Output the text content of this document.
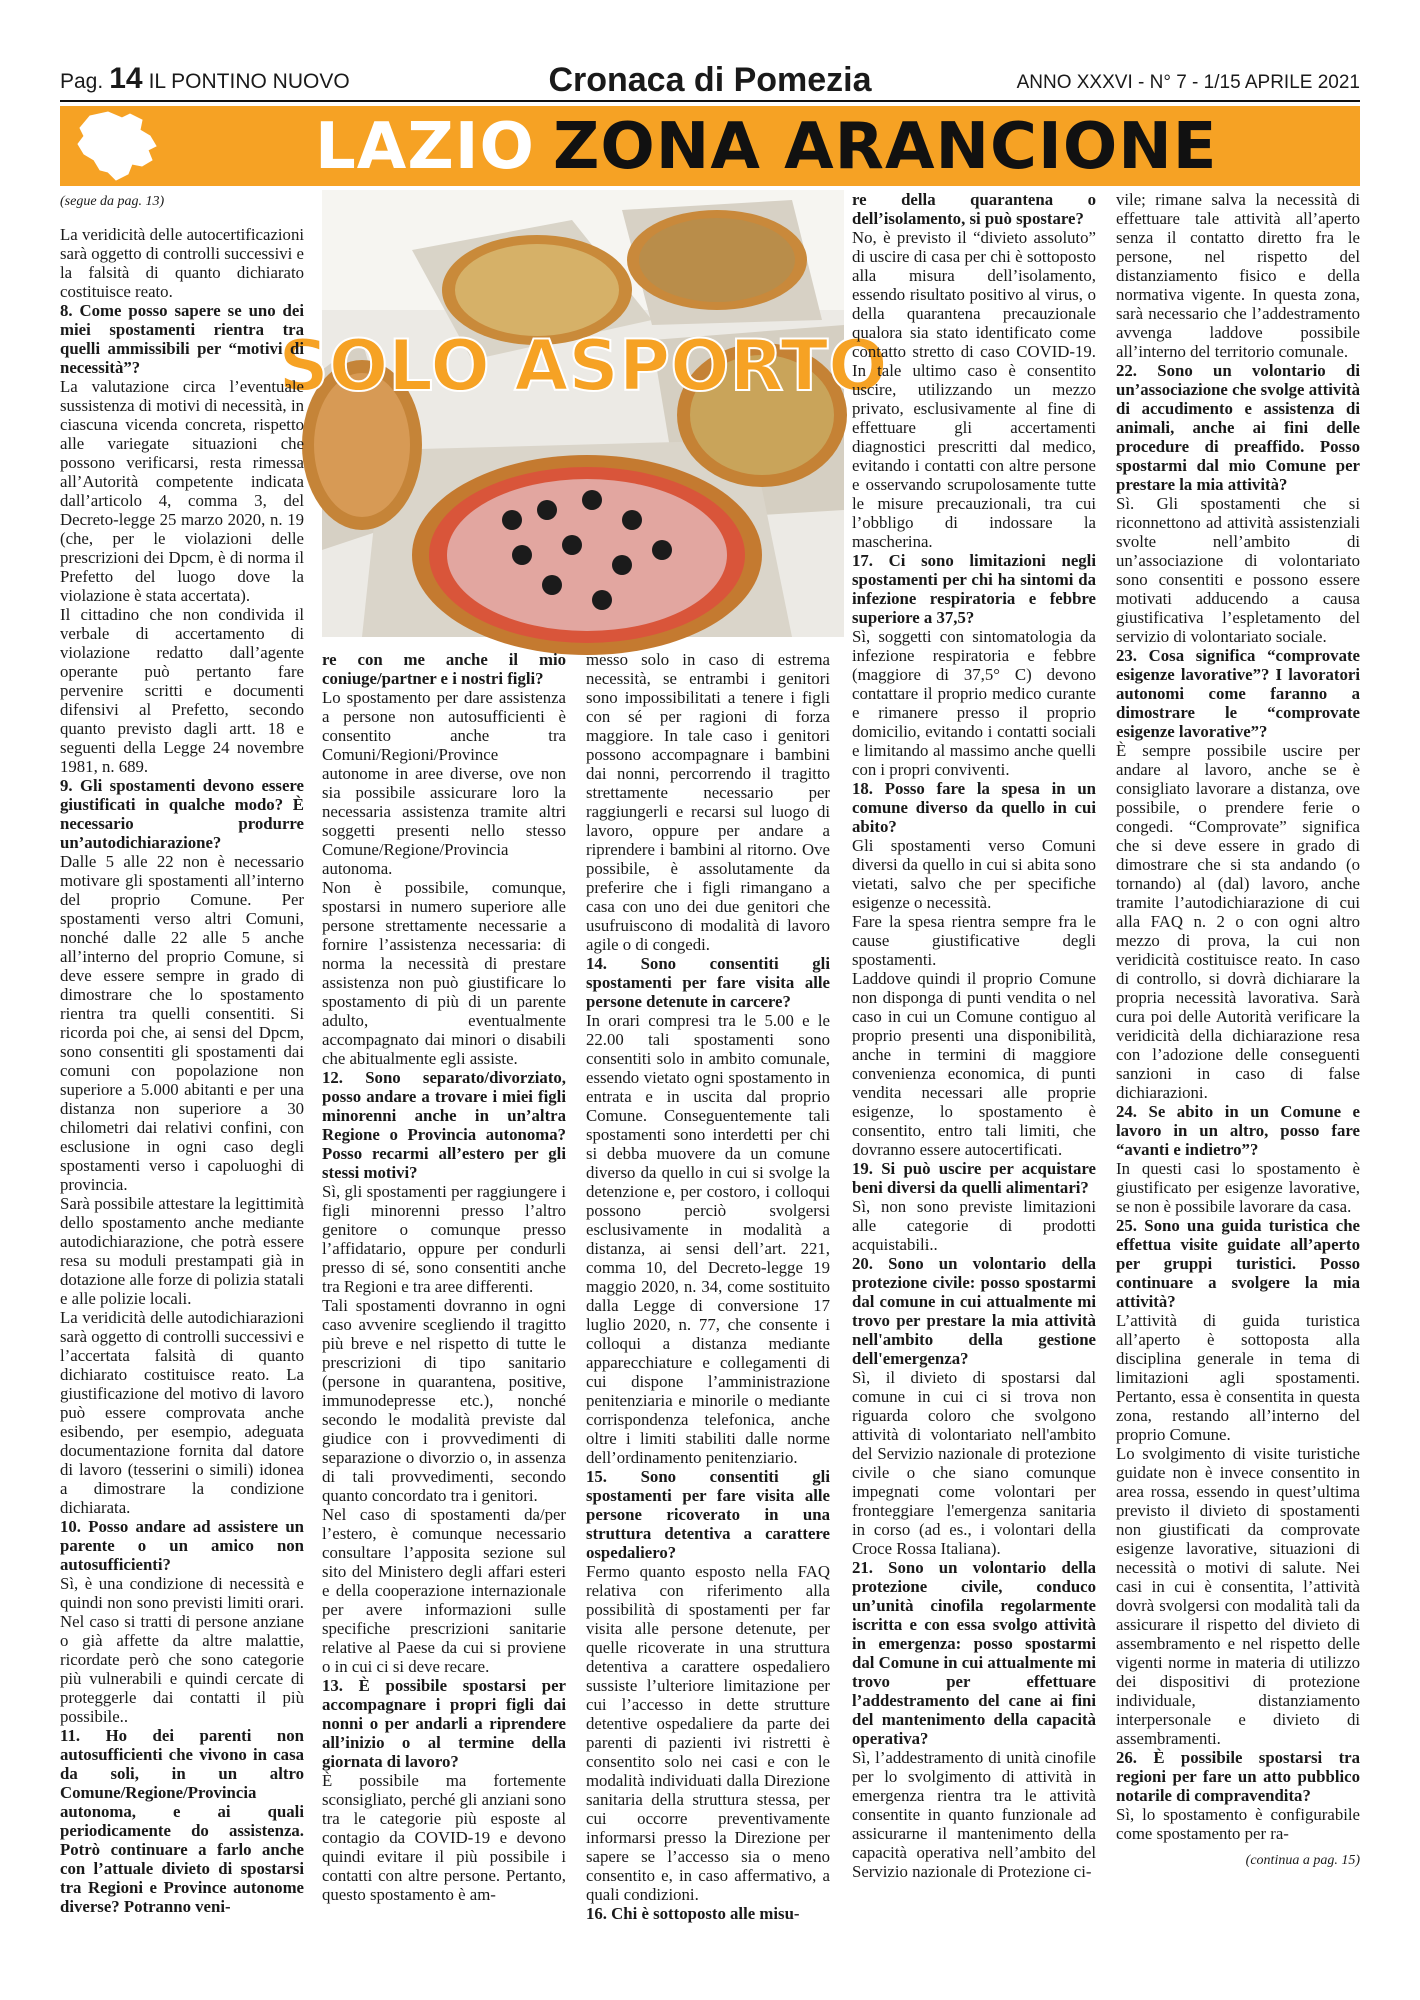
Pag. 14 IL PONTINO NUOVO	Cronaca di Pomezia	ANNO XXXVI - N° 7 - 1/15 APRILE 2021
LAZIO ZONA ARANCIONE
SOLO ASPORTO

(segue da pag. 13)

La veridicità delle autocertificazioni sarà oggetto di controlli successivi e la falsità di quanto dichiarato costituisce reato.

8. Come posso sapere se uno dei miei spostamenti rientra tra quelli ammissibili per “motivi di necessità”?

La valutazione circa l’eventuale sussistenza di motivi di necessità, in ciascuna vicenda concreta, rispetto alle variegate situazioni che possono verificarsi, resta rimessa all’Autorità competente indicata dall’articolo 4, comma 3, del Decreto-legge 25 marzo 2020, n. 19 (che, per le violazioni delle prescrizioni dei Dpcm, è di norma il Prefetto del luogo dove la violazione è stata accertata).

Il cittadino che non condivida il verbale di accertamento di violazione redatto dall’agente operante può pertanto fare pervenire scritti e documenti difensivi al Prefetto, secondo quanto previsto dagli artt. 18 e seguenti della Legge 24 novembre 1981, n. 689.

9. Gli spostamenti devono essere giustificati in qualche modo? È necessario produrre un’autodichiarazione?

Dalle 5 alle 22 non è necessario motivare gli spostamenti all’interno del proprio Comune. Per spostamenti verso altri Comuni, nonché dalle 22 alle 5 anche all’interno del proprio Comune, si deve essere sempre in grado di dimostrare che lo spostamento rientra tra quelli consentiti. Si ricorda poi che, ai sensi del Dpcm, sono consentiti gli spostamenti dai comuni con popolazione non superiore a 5.000 abitanti e per una distanza non superiore a 30 chilometri dai relativi confini, con esclusione in ogni caso degli spostamenti verso i capoluoghi di provincia.

Sarà possibile attestare la legittimità dello spostamento anche mediante autodichiarazione, che potrà essere resa su moduli prestampati già in dotazione alle forze di polizia statali e alle polizie locali.

La veridicità delle autodichiarazioni sarà oggetto di controlli successivi e l’accertata falsità di quanto dichiarato costituisce reato. La giustificazione del motivo di lavoro può essere comprovata anche esibendo, per esempio, adeguata documentazione fornita dal datore di lavoro (tesserini o simili) idonea a dimostrare la condizione dichiarata.

10. Posso andare ad assistere un parente o un amico non autosufficienti?

Sì, è una condizione di necessità e quindi non sono previsti limiti orari. Nel caso si tratti di persone anziane o già affette da altre malattie, ricordate però che sono categorie più vulnerabili e quindi cercate di proteggerle dai contatti il più possibile..

11. Ho dei parenti non autosufficienti che vivono in casa da soli, in un altro Comune/Regione/Provincia autonoma, e ai quali periodicamente do assistenza. Potrò continuare a farlo anche con l’attuale divieto di spostarsi tra Regioni e Province autonome diverse? Potranno veni-

re con me anche il mio coniuge/partner e i nostri figli?

Lo spostamento per dare assistenza a persone non autosufficienti è consentito anche tra Comuni/Regioni/Province autonome in aree diverse, ove non sia possibile assicurare loro la necessaria assistenza tramite altri soggetti presenti nello stesso Comune/Regione/Provincia autonoma.

Non è possibile, comunque, spostarsi in numero superiore alle persone strettamente necessarie a fornire l’assistenza necessaria: di norma la necessità di prestare assistenza non può giustificare lo spostamento di più di un parente adulto, eventualmente accompagnato dai minori o disabili che abitualmente egli assiste.

12. Sono separato/divorziato, posso andare a trovare i miei figli minorenni anche in un’altra Regione o Provincia autonoma? Posso recarmi all’estero per gli stessi motivi?

Sì, gli spostamenti per raggiungere i figli minorenni presso l’altro genitore o comunque presso l’affidatario, oppure per condurli presso di sé, sono consentiti anche tra Regioni e tra aree differenti.

Tali spostamenti dovranno in ogni caso avvenire scegliendo il tragitto più breve e nel rispetto di tutte le prescrizioni di tipo sanitario (persone in quarantena, positive, immunodepresse etc.), nonché secondo le modalità previste dal giudice con i provvedimenti di separazione o divorzio o, in assenza di tali provvedimenti, secondo quanto concordato tra i genitori.

Nel caso di spostamenti da/per l’estero, è comunque necessario consultare l’apposita sezione sul sito del Ministero degli affari esteri e della cooperazione internazionale per avere informazioni sulle specifiche prescrizioni sanitarie relative al Paese da cui si proviene o in cui ci si deve recare.

13. È possibile spostarsi per accompagnare i propri figli dai nonni o per andarli a riprendere all’inizio o al termine della giornata di lavoro?

È possibile ma fortemente sconsigliato, perché gli anziani sono tra le categorie più esposte al contagio da COVID-19 e devono quindi evitare il più possibile i contatti con altre persone. Pertanto, questo spostamento è am-

messo solo in caso di estrema necessità, se entrambi i genitori sono impossibilitati a tenere i figli con sé per ragioni di forza maggiore. In tale caso i genitori possono accompagnare i bambini dai nonni, percorrendo il tragitto strettamente necessario per raggiungerli e recarsi sul luogo di lavoro, oppure per andare a riprendere i bambini al ritorno. Ove possibile, è assolutamente da preferire che i figli rimangano a casa con uno dei due genitori che usufruiscono di modalità di lavoro agile o di congedi.

14. Sono consentiti gli spostamenti per fare visita alle persone detenute in carcere?

In orari compresi tra le 5.00 e le 22.00 tali spostamenti sono consentiti solo in ambito comunale, essendo vietato ogni spostamento in entrata e in uscita dal proprio Comune. Conseguentemente tali spostamenti sono interdetti per chi si debba muovere da un comune diverso da quello in cui si svolge la detenzione e, per costoro, i colloqui possono perciò svolgersi esclusivamente in modalità a distanza, ai sensi dell’art. 221, comma 10, del Decreto-legge 19 maggio 2020, n. 34, come sostituito dalla Legge di conversione 17 luglio 2020, n. 77, che consente i colloqui a distanza mediante apparecchiature e collegamenti di cui dispone l’amministrazione penitenziaria e minorile o mediante corrispondenza telefonica, anche oltre i limiti stabiliti dalle norme dell’ordinamento penitenziario.

15. Sono consentiti gli spostamenti per fare visita alle persone ricoverato in una struttura detentiva a carattere ospedaliero?

Fermo quanto esposto nella FAQ relativa con riferimento alla possibilità di spostamenti per far visita alle persone detenute, per quelle ricoverate in una struttura detentiva a carattere ospedaliero sussiste l’ulteriore limitazione per cui l’accesso in dette strutture detentive ospedaliere da parte dei parenti di pazienti ivi ristretti è consentito solo nei casi e con le modalità individuati dalla Direzione sanitaria della struttura stessa, per cui occorre preventivamente informarsi presso la Direzione per sapere se l’accesso sia o meno consentito e, in caso affermativo, a quali condizioni.

16. Chi è sottoposto alle misu-

re della quarantena o dell’isolamento, si può spostare?

No, è previsto il “divieto assoluto” di uscire di casa per chi è sottoposto alla misura dell’isolamento, essendo risultato positivo al virus, o della quarantena precauzionale qualora sia stato identificato come contatto stretto di caso COVID-19. In tale ultimo caso è consentito uscire, utilizzando un mezzo privato, esclusivamente al fine di effettuare gli accertamenti diagnostici prescritti dal medico, evitando i contatti con altre persone e osservando scrupolosamente tutte le misure precauzionali, tra cui l’obbligo di indossare la mascherina.

17. Ci sono limitazioni negli spostamenti per chi ha sintomi da infezione respiratoria e febbre superiore a 37,5?

Sì, soggetti con sintomatologia da infezione respiratoria e febbre (maggiore di 37,5° C) devono contattare il proprio medico curante e rimanere presso il proprio domicilio, evitando i contatti sociali e limitando al massimo anche quelli con i propri conviventi.

18. Posso fare la spesa in un comune diverso da quello in cui abito?

Gli spostamenti verso Comuni diversi da quello in cui si abita sono vietati, salvo che per specifiche esigenze o necessità.

Fare la spesa rientra sempre fra le cause giustificative degli spostamenti.

Laddove quindi il proprio Comune non disponga di punti vendita o nel caso in cui un Comune contiguo al proprio presenti una disponibilità, anche in termini di maggiore convenienza economica, di punti vendita necessari alle proprie esigenze, lo spostamento è consentito, entro tali limiti, che dovranno essere autocertificati.

19. Si può uscire per acquistare beni diversi da quelli alimentari?

Sì, non sono previste limitazioni alle categorie di prodotti acquistabili..

20. Sono un volontario della protezione civile: posso spostarmi dal comune in cui attualmente mi trovo per prestare la mia attività nell'ambito della gestione dell'emergenza?

Sì, il divieto di spostarsi dal comune in cui ci si trova non riguarda coloro che svolgono attività di volontariato nell'ambito del Servizio nazionale di protezione civile o che siano comunque impegnati come volontari per fronteggiare l'emergenza sanitaria in corso (ad es., i volontari della Croce Rossa Italiana).

21. Sono un volontario della protezione civile, conduco un’unità cinofila regolarmente iscritta e con essa svolgo attività in emergenza: posso spostarmi dal Comune in cui attualmente mi trovo per effettuare l’addestramento del cane ai fini del mantenimento della capacità operativa?

Sì, l’addestramento di unità cinofile per lo svolgimento di attività in emergenza rientra tra le attività consentite in quanto funzionale ad assicurarne il mantenimento della capacità operativa nell’ambito del Servizio nazionale di Protezione ci-

vile; rimane salva la necessità di effettuare tale attività all’aperto senza il contatto diretto fra le persone, nel rispetto del distanziamento fisico e della normativa vigente. In questa zona, sarà necessario che l’addestramento avvenga laddove possibile all’interno del territorio comunale.

22. Sono un volontario di un’associazione che svolge attività di accudimento e assistenza di animali, anche ai fini delle procedure di preaffido. Posso spostarmi dal mio Comune per prestare la mia attività?

Sì. Gli spostamenti che si riconnettono ad attività assistenziali svolte nell’ambito di un’associazione di volontariato sono consentiti e possono essere motivati adducendo a causa giustificativa l’espletamento del servizio di volontariato sociale.

23. Cosa significa “comprovate esigenze lavorative”? I lavoratori autonomi come faranno a dimostrare le “comprovate esigenze lavorative”?

È sempre possibile uscire per andare al lavoro, anche se è consigliato lavorare a distanza, ove possibile, o prendere ferie o congedi. “Comprovate” significa che si deve essere in grado di dimostrare che si sta andando (o tornando) al (dal) lavoro, anche tramite l’autodichiarazione di cui alla FAQ n. 2 o con ogni altro mezzo di prova, la cui non veridicità costituisce reato. In caso di controllo, si dovrà dichiarare la propria necessità lavorativa. Sarà cura poi delle Autorità verificare la veridicità della dichiarazione resa con l’adozione delle conseguenti sanzioni in caso di false dichiarazioni.

24. Se abito in un Comune e lavoro in un altro, posso fare “avanti e indietro”?

In questi casi lo spostamento è giustificato per esigenze lavorative, se non è possibile lavorare da casa.

25. Sono una guida turistica che effettua visite guidate all’aperto per gruppi turistici. Posso continuare a svolgere la mia attività?

L’attività di guida turistica all’aperto è sottoposta alla disciplina generale in tema di limitazioni agli spostamenti. Pertanto, essa è consentita in questa zona, restando all’interno del proprio Comune.

Lo svolgimento di visite turistiche guidate non è invece consentito in area rossa, essendo in quest’ultima previsto il divieto di spostamenti non giustificati da comprovate esigenze lavorative, situazioni di necessità o motivi di salute. Nei casi in cui è consentita, l’attività dovrà svolgersi con modalità tali da assicurare il rispetto del divieto di assembramento e nel rispetto delle vigenti norme in materia di utilizzo dei dispositivi di protezione individuale, distanziamento interpersonale e divieto di assembramenti.

26. È possibile spostarsi tra regioni per fare un atto pubblico notarile di compravendita?

Sì, lo spostamento è configurabile come spostamento per ra-

(continua a pag. 15)
